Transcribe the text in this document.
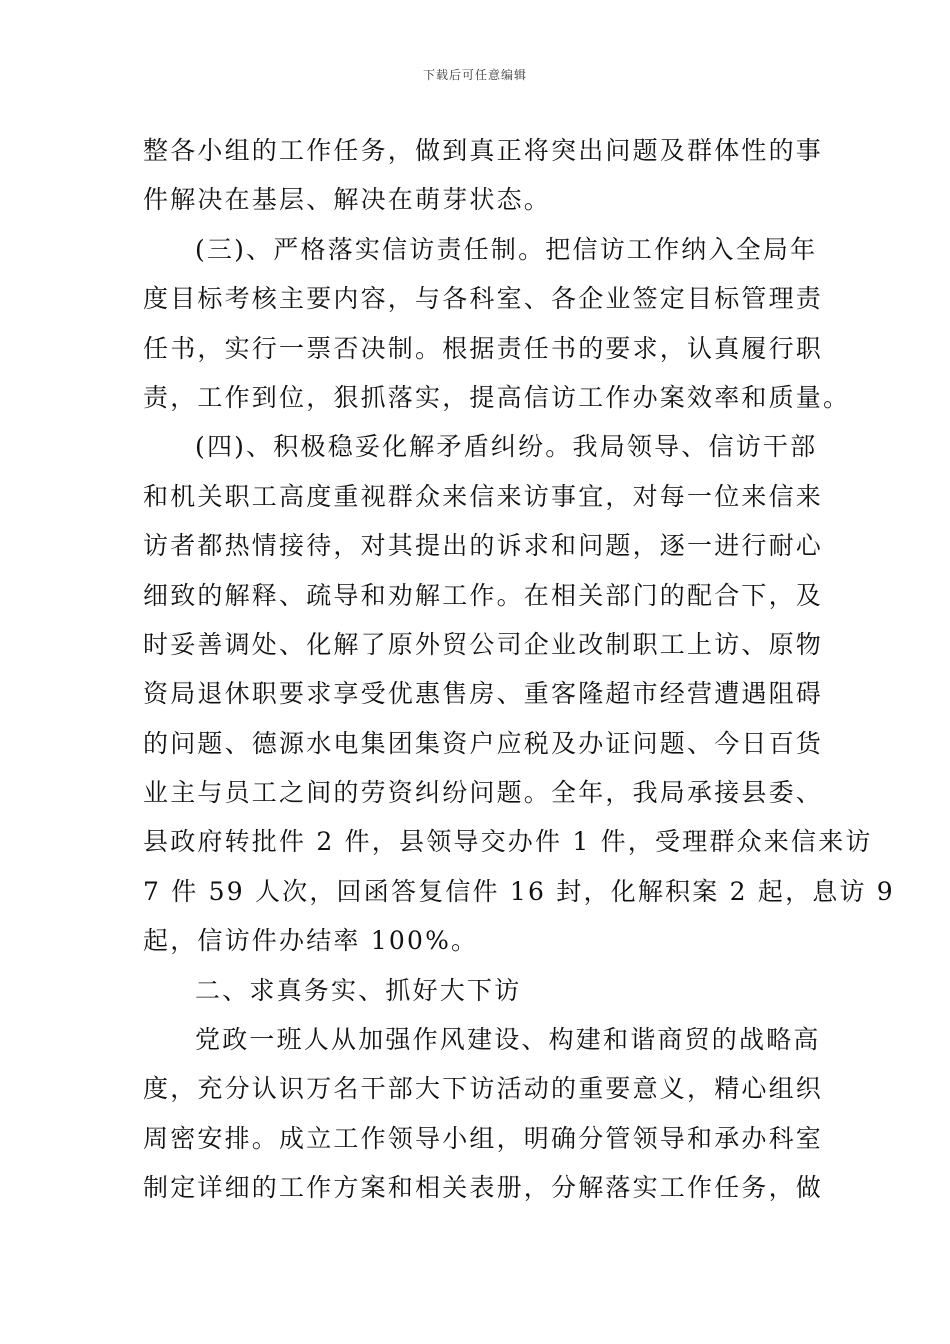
下载后可任意编辑
整各小组的工作任务，做到真正将突出问题及群体性的事
件解决在基层、解决在萌芽状态。
(三)、严格落实信访责任制。把信访工作纳入全局年
度目标考核主要内容，与各科室、各企业签定目标管理责
任书，实行一票否决制。根据责任书的要求，认真履行职
责，工作到位，狠抓落实，提高信访工作办案效率和质量。
(四)、积极稳妥化解矛盾纠纷。我局领导、信访干部
和机关职工高度重视群众来信来访事宜，对每一位来信来
访者都热情接待，对其提出的诉求和问题，逐一进行耐心
细致的解释、疏导和劝解工作。在相关部门的配合下，及
时妥善调处、化解了原外贸公司企业改制职工上访、原物
资局退休职要求享受优惠售房、重客隆超市经营遭遇阻碍
的问题、德源水电集团集资户应税及办证问题、今日百货
业主与员工之间的劳资纠纷问题。全年，我局承接县委、
县政府转批件 2 件，县领导交办件 1 件，受理群众来信来访
7 件 59 人次，回函答复信件 16 封，化解积案 2 起，息访 9
起，信访件办结率 100%。
二、求真务实、抓好大下访
党政一班人从加强作风建设、构建和谐商贸的战略高
度，充分认识万名干部大下访活动的重要意义，精心组织
周密安排。成立工作领导小组，明确分管领导和承办科室
制定详细的工作方案和相关表册，分解落实工作任务，做
